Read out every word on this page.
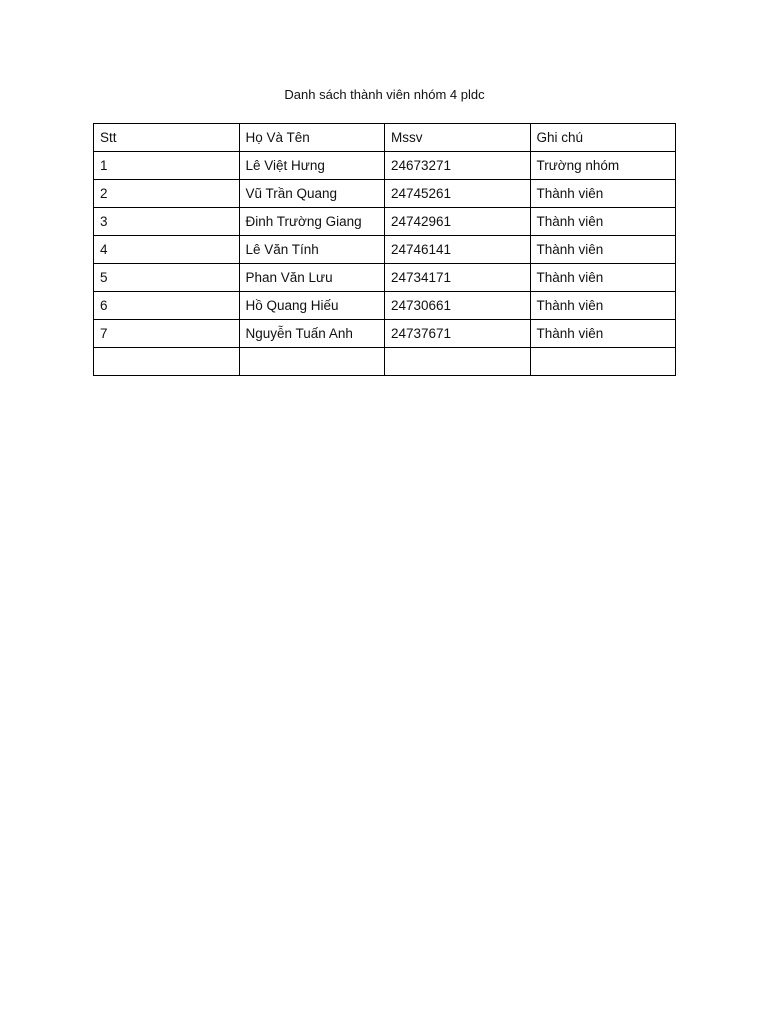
Danh sách thành viên nhóm 4 pldc
Stt	Họ Và Tên	Mssv	Ghi chú
1	Lê Việt Hưng	24673271	Trường nhóm
2	Vũ Trần Quang	24745261	Thành viên
3	Đinh Trường Giang	24742961	Thành viên
4	Lê Văn Tính	24746141	Thành viên
5	Phan Văn Lưu	24734171	Thành viên
6	Hồ Quang Hiếu	24730661	Thành viên
7	Nguyễn Tuấn Anh	24737671	Thành viên
